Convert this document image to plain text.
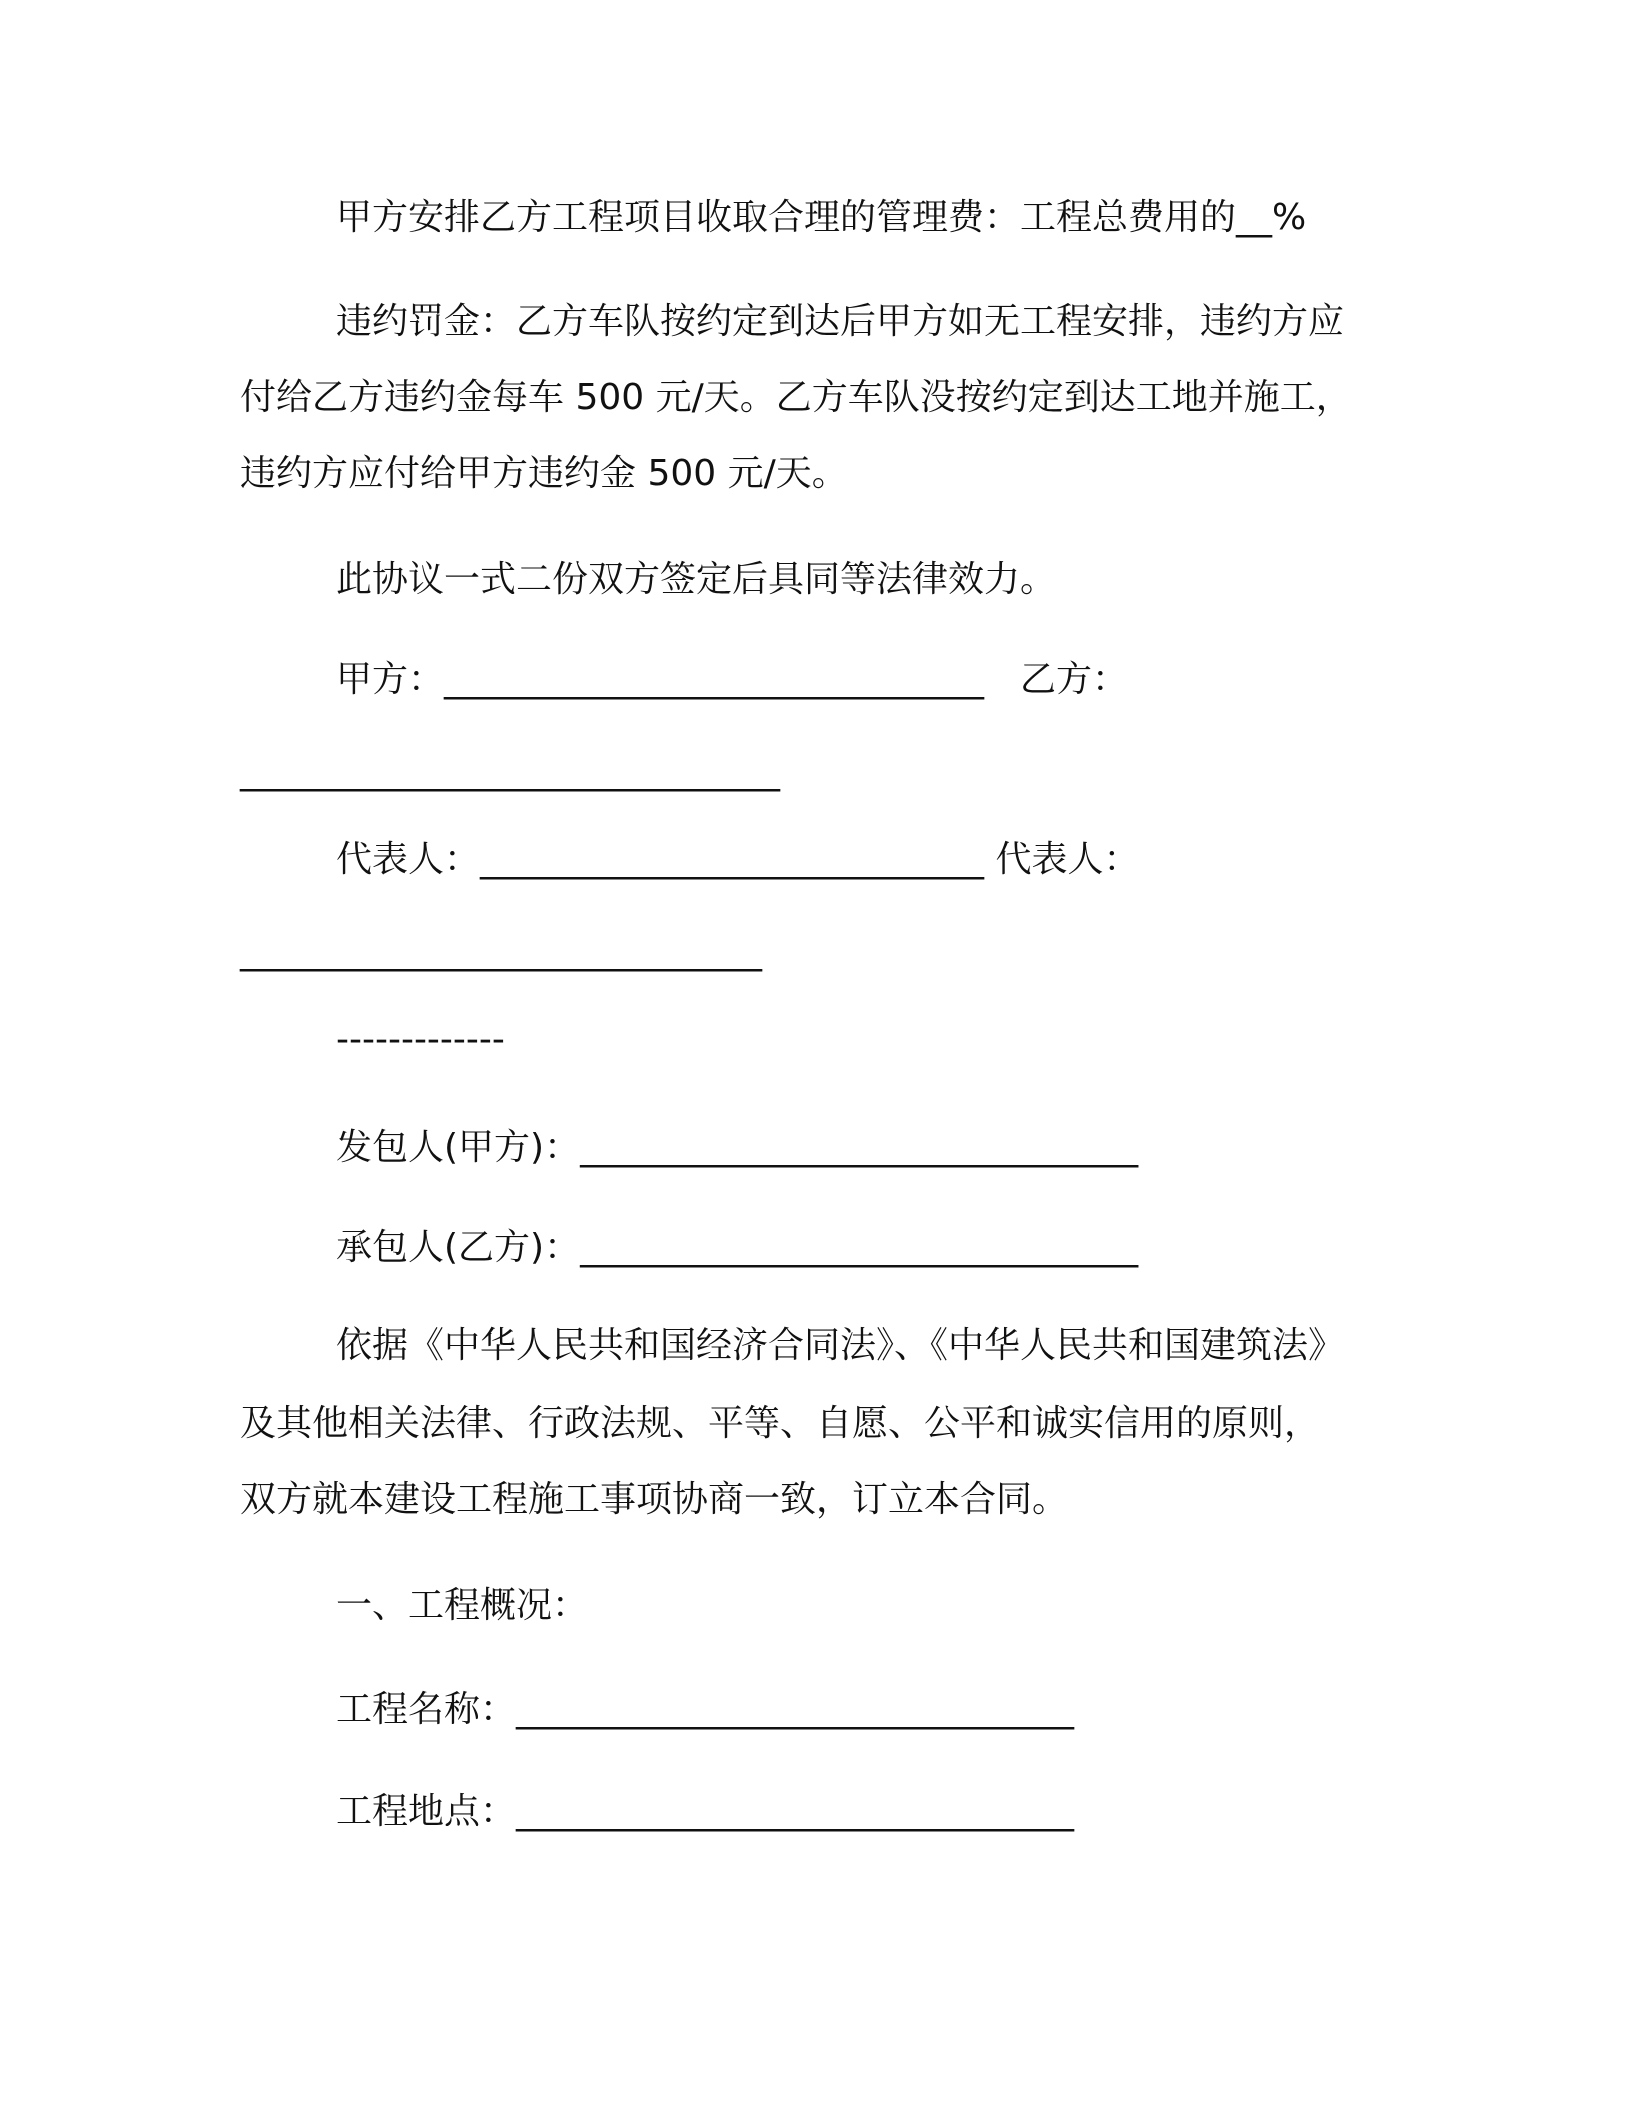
甲方安排乙方工程项目收取合理的管理费：工程总费用的__%
违约罚金：乙方车队按约定到达后甲方如无工程安排，违约方应
付给乙方违约金每车 500 元/天。乙方车队没按约定到达工地并施工，
违约方应付给甲方违约金 500 元/天。
此协议一式二份双方签定后具同等法律效力。
甲方：______________________________　乙方：
______________________________
代表人：____________________________ 代表人：
_____________________________
-------------
发包人(甲方)：_______________________________
承包人(乙方)：_______________________________
依据《中华人民共和国经济合同法》、《中华人民共和国建筑法》
及其他相关法律、行政法规、平等、自愿、公平和诚实信用的原则，
双方就本建设工程施工事项协商一致，订立本合同。
一、工程概况：
工程名称：_______________________________
工程地点：_______________________________
